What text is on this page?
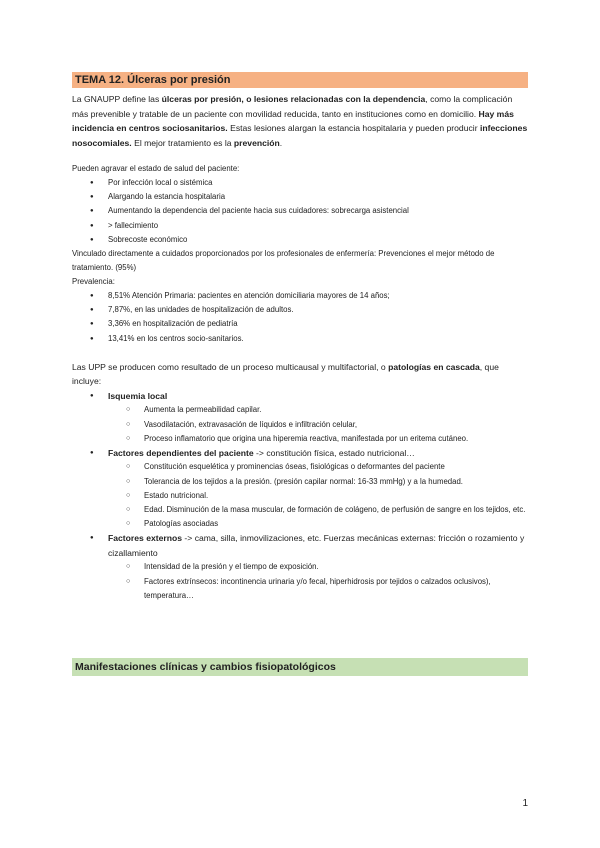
TEMA 12. Úlceras por presión

La GNAUPP define las úlceras por presión, o lesiones relacionadas con la dependencia, como la complicación más prevenible y tratable de un paciente con movilidad reducida, tanto en instituciones como en domicilio. Hay más incidencia en centros sociosanitarios. Estas lesiones alargan la estancia hospitalaria y pueden producir infecciones nosocomiales. El mejor tratamiento es la prevención.

Pueden agravar el estado de salud del paciente:

● Por infección local o sistémica
● Alargando la estancia hospitalaria
● Aumentando la dependencia del paciente hacia sus cuidadores: sobrecarga asistencial
● > fallecimiento
● Sobrecoste económico

Vinculado directamente a cuidados proporcionados por los profesionales de enfermería: Prevenciones el mejor método de tratamiento. (95%)

Prevalencia:

● 8,51% Atención Primaria: pacientes en atención domiciliaria mayores de 14 años;
● 7,87%, en las unidades de hospitalización de adultos.
● 3,36% en hospitalización de pediatría
● 13,41% en los centros socio-sanitarios.

Las UPP se producen como resultado de un proceso multicausal y multifactorial, o patologías en cascada, que incluye:

● Isquemia local
○ Aumenta la permeabilidad capilar.
○ Vasodilatación, extravasación de líquidos e infiltración celular,
○ Proceso inflamatorio que origina una hiperemia reactiva, manifestada por un eritema cutáneo.
● Factores dependientes del paciente -> constitución física, estado nutricional…
○ Constitución esquelética y prominencias óseas, fisiológicas o deformantes del paciente
○ Tolerancia de los tejidos a la presión. (presión capilar normal: 16-33 mmHg) y a la humedad.
○ Estado nutricional.
○ Edad. Disminución de la masa muscular, de formación de colágeno, de perfusión de sangre en los tejidos, etc.
○ Patologías asociadas
● Factores externos -> cama, silla, inmovilizaciones, etc. Fuerzas mecánicas externas: fricción o rozamiento y cizallamiento
○ Intensidad de la presión y el tiempo de exposición.
○ Factores extrínsecos: incontinencia urinaria y/o fecal, hiperhidrosis por tejidos o calzados oclusivos), temperatura…
Manifestaciones clínicas y cambios fisiopatológicos
1
